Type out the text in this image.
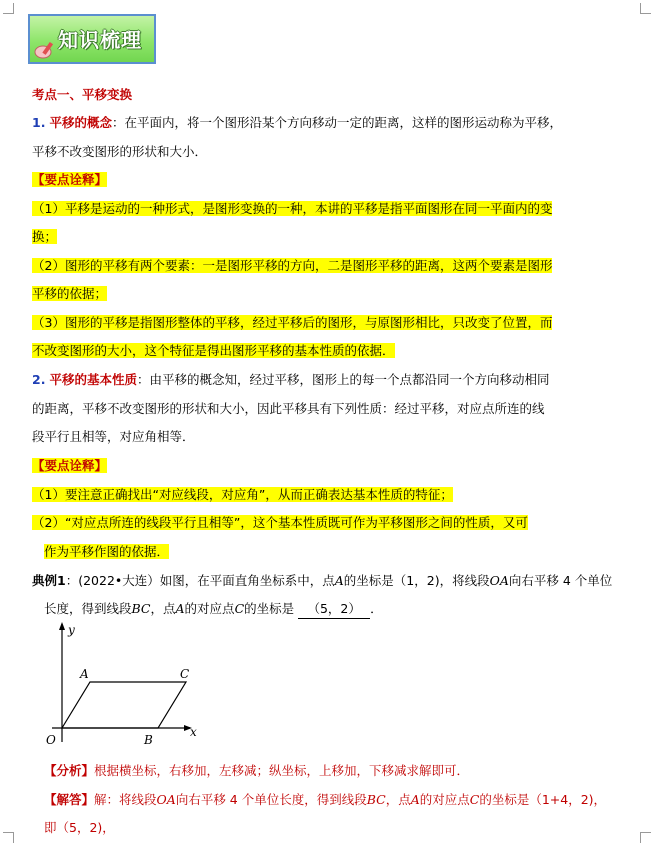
知识梳理
考点一、平移变换
1. 平移的概念：在平面内，将一个图形沿某个方向移动一定的距离，这样的图形运动称为平移，
平移不改变图形的形状和大小．
【要点诠释】
（1）平移是运动的一种形式，是图形变换的一种，本讲的平移是指平面图形在同一平面内的变
换；
（2）图形的平移有两个要素：一是图形平移的方向，二是图形平移的距离，这两个要素是图形
平移的依据；
（3）图形的平移是指图形整体的平移，经过平移后的图形，与原图形相比，只改变了位置，而
不改变图形的大小，这个特征是得出图形平移的基本性质的依据．
2. 平移的基本性质：由平移的概念知，经过平移，图形上的每一个点都沿同一个方向移动相同
的距离，平移不改变图形的形状和大小，因此平移具有下列性质：经过平移，对应点所连的线
段平行且相等，对应角相等．
【要点诠释】
（1）要注意正确找出“对应线段，对应角”，从而正确表达基本性质的特征；
（2）“对应点所连的线段平行且相等”，这个基本性质既可作为平移图形之间的性质，又可
作为平移作图的依据．
典例1：(2022•大连）如图，在平面直角坐标系中，点A的坐标是（1，2)，将线段OA向右平移 4 个单位
长度，得到线段BC，点A的对应点C的坐标是 （5，2） ．
y
x
O
A	C
B
【分析】根据横坐标，右移加，左移减；纵坐标，上移加，下移减求解即可．
【解答】解：将线段OA向右平移 4 个单位长度，得到线段BC，点A的对应点C的坐标是（1+4，2)，
即（5，2)，
